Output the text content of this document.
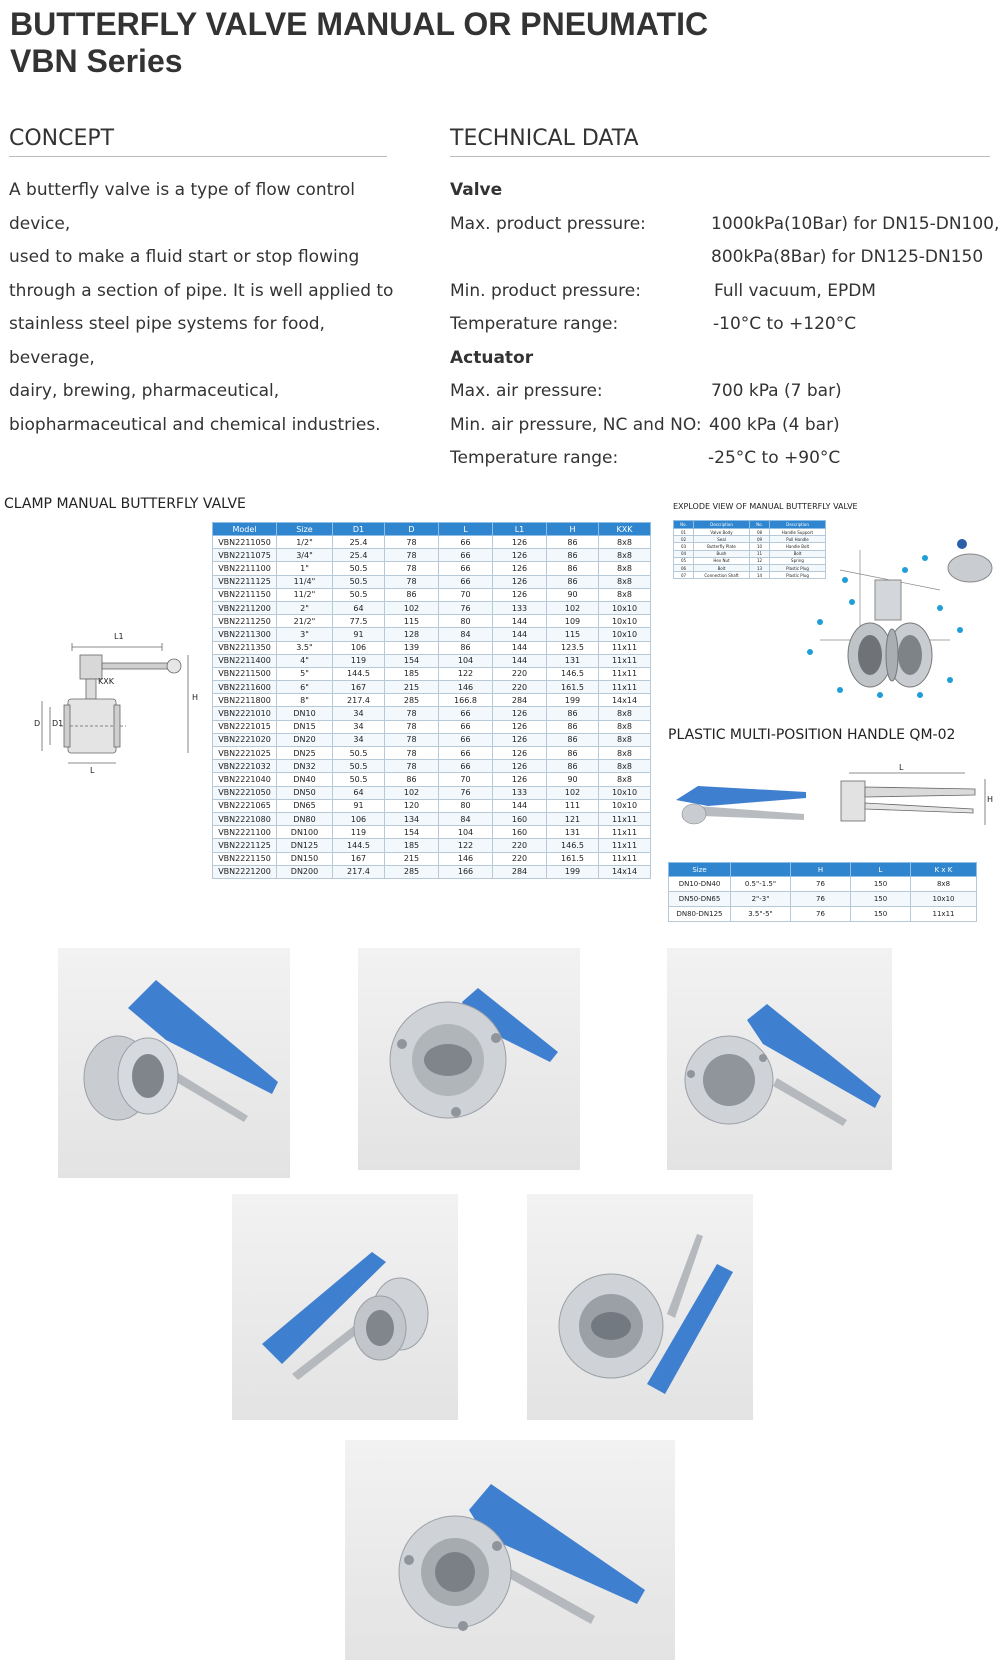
BUTTERFLY VALVE MANUAL OR PNEUMATIC
VBN Series
CONCEPT
A butterfly valve is a type of flow control device,
used to make a fluid start or stop flowing
through a section of pipe. It is well applied to
stainless steel pipe systems for food, beverage,
dairy, brewing, pharmaceutical,
biopharmaceutical and chemical industries.
TECHNICAL DATA
Valve
Max. product pressure:	1000kPa(10Bar) for DN15-DN100,
800kPa(8Bar) for DN125-DN150
Min. product pressure:	Full vacuum, EPDM
Temperature range:	-10°C to +120°C
Actuator
Max. air pressure:	700 kPa (7 bar)
Min. air pressure, NC and NO: 400 kPa (4 bar)
Temperature range:	-25°C to +90°C
CLAMP MANUAL BUTTERFLY VALVE
L1
KXK
H
D D1
L
Model	Size	D1	D	L	L1	H	KXK
VBN2211050	1/2"	25.4	78	66	126	86	8x8
VBN2211075	3/4"	25.4	78	66	126	86	8x8
VBN2211100	1"	50.5	78	66	126	86	8x8
VBN2211125	11/4"	50.5	78	66	126	86	8x8
VBN2211150	11/2"	50.5	86	70	126	90	8x8
VBN2211200	2"	64	102	76	133	102	10x10
VBN2211250	21/2"	77.5	115	80	144	109	10x10
VBN2211300	3"	91	128	84	144	115	10x10
VBN2211350	3.5"	106	139	86	144	123.5	11x11
VBN2211400	4"	119	154	104	144	131	11x11
VBN2211500	5"	144.5	185	122	220	146.5	11x11
VBN2211600	6"	167	215	146	220	161.5	11x11
VBN2211800	8"	217.4	285	166.8	284	199	14x14
VBN2221010	DN10	34	78	66	126	86	8x8
VBN2221015	DN15	34	78	66	126	86	8x8
VBN2221020	DN20	34	78	66	126	86	8x8
VBN2221025	DN25	50.5	78	66	126	86	8x8
VBN2221032	DN32	50.5	78	66	126	86	8x8
VBN2221040	DN40	50.5	86	70	126	90	8x8
VBN2221050	DN50	64	102	76	133	102	10x10
VBN2221065	DN65	91	120	80	144	111	10x10
VBN2221080	DN80	106	134	84	160	121	11x11
VBN2221100	DN100	119	154	104	160	131	11x11
VBN2221125	DN125	144.5	185	122	220	146.5	11x11
VBN2221150	DN150	167	215	146	220	161.5	11x11
VBN2221200	DN200	217.4	285	166	284	199	14x14
EXPLODE VIEW OF MANUAL BUTTERFLY VALVE
No.	Description	No.	Description
01	Valve Body	08	Handle Support
02	Seal	09	Pull Handle
03	Butterfly Plate	10	Handle Bolt
04	Bush	11	Bolt
05	Hex Nut	12	Spring
06	Bolt	13	Plastic Plug
07	Connection Shaft	14	Plastic Plug
PLASTIC MULTI-POSITION HANDLE QM-02
L
H
Size		H	L	K x K
DN10-DN40	0.5"-1.5"	76	150	8x8
DN50-DN65	2"-3"	76	150	10x10
DN80-DN125	3.5"-5"	76	150	11x11
